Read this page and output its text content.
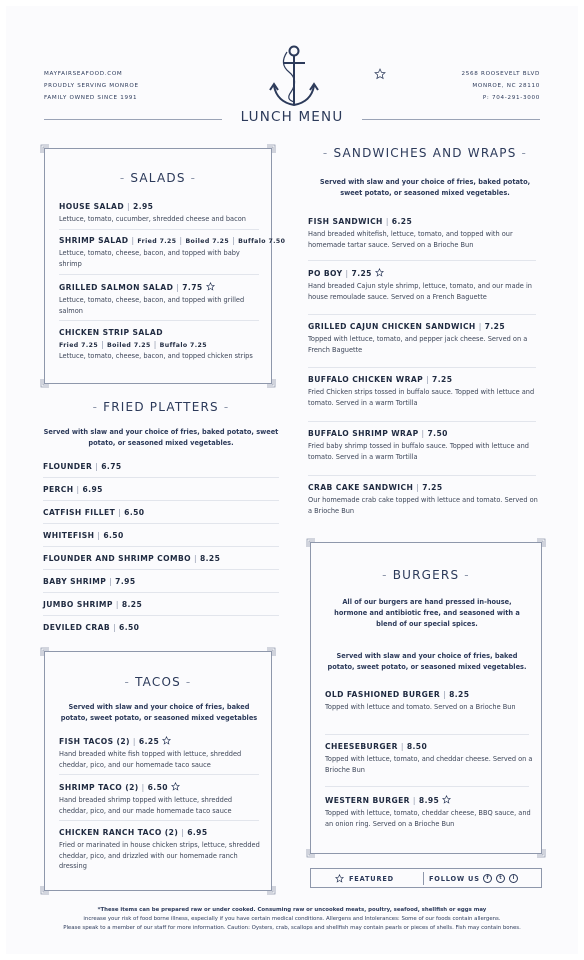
MAYFAIRSEAFOOD.COM
PROUDLY SERVING MONROE
FAMILY OWNED SINCE 1991
2568 ROOSEVELT BLVD
MONROE, NC 28110
P: 704-291-3000
LUNCH MENU
- SALADS -
HOUSE SALAD | 2.95
Lettuce, tomato, cucumber, shredded cheese and bacon
SHRIMP SALAD | Fried 7.25 | Boiled 7.25 | Buffalo 7.50
Lettuce, tomato, cheese, bacon, and topped with baby shrimp
GRILLED SALMON SALAD | 7.75
Lettuce, tomato, cheese, bacon, and topped with grilled salmon
CHICKEN STRIP SALAD
Fried 7.25 | Boiled 7.25 | Buffalo 7.25
Lettuce, tomato, cheese, bacon, and topped chicken strips
- FRIED PLATTERS -
Served with slaw and your choice of fries, baked potato, sweet potato, or seasoned mixed vegetables.
FLOUNDER | 6.75
PERCH | 6.95
CATFISH FILLET | 6.50
WHITEFISH | 6.50
FLOUNDER AND SHRIMP COMBO | 8.25
BABY SHRIMP | 7.95
JUMBO SHRIMP | 8.25
DEVILED CRAB | 6.50
- TACOS -
Served with slaw and your choice of fries, baked potato, sweet potato, or seasoned mixed vegetables
FISH TACOS (2) | 6.25
Hand breaded white fish topped with lettuce, shredded cheddar, pico, and our homemade taco sauce
SHRIMP TACO (2) | 6.50
Hand breaded shrimp topped with lettuce, shredded cheddar, pico, and our made homemade taco sauce
CHICKEN RANCH TACO (2) | 6.95
Fried or marinated in house chicken strips, lettuce, shredded cheddar, pico, and drizzled with our homemade ranch dressing
- SANDWICHES AND WRAPS -
Served with slaw and your choice of fries, baked potato, sweet potato, or seasoned mixed vegetables.
FISH SANDWICH | 6.25
Hand breaded whitefish, lettuce, tomato, and topped with our homemade tartar sauce. Served on a Brioche Bun
PO BOY | 7.25
Hand breaded Cajun style shrimp, lettuce, tomato, and our made in house remoulade sauce. Served on a French Baguette
GRILLED CAJUN CHICKEN SANDWICH | 7.25
Topped with lettuce, tomato, and pepper jack cheese. Served on a French Baguette
BUFFALO CHICKEN WRAP | 7.25
Fried Chicken strips tossed in buffalo sauce. Topped with lettuce and tomato. Served in a warm Tortilla
BUFFALO SHRIMP WRAP | 7.50
Fried baby shrimp tossed in buffalo sauce. Topped with lettuce and tomato. Served in a warm Tortilla
CRAB CAKE SANDWICH | 7.25
Our homemade crab cake topped with lettuce and tomato. Served on a Brioche Bun
- BURGERS -
All of our burgers are hand pressed in-house, hormone and antibiotic free, and seasoned with a blend of our special spices.
Served with slaw and your choice of fries, baked potato, sweet potato, or seasoned mixed vegetables.
OLD FASHIONED BURGER | 8.25
Topped with lettuce and tomato. Served on a Brioche Bun
CHEESEBURGER | 8.50
Topped with lettuce, tomato, and cheddar cheese. Served on a Brioche Bun
WESTERN BURGER | 8.95
Topped with lettuce, tomato, cheddar cheese, BBQ sauce, and an onion ring. Served on a Brioche Bun
FEATURED	FOLLOW US	f	t	i
*These items can be prepared raw or under cooked. Consuming raw or uncooked meats, poultry, seafood, shellfish or eggs may
increase your risk of food borne illness, especially if you have certain medical conditions. Allergens and Intolerances: Some of our foods contain allergens.
Please speak to a member of our staff for more information. Caution: Oysters, crab, scallops and shellfish may contain pearls or pieces of shells. Fish may contain bones.
